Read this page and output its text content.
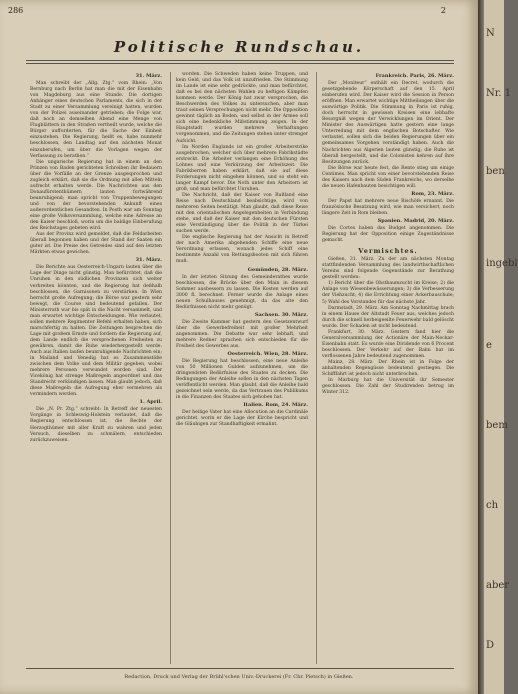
286	2
Politische Rundschau.
31. März.

Man schreibt der „Allg. Ztg.“ vom Rhein: „Von Bernburg nach Berlin hat man die mit der Eisenbahn von Magdeburg aus eine Stunde. Die dortigen Anhänger eines deutschen Parlaments, die sich in der Stadt zu einer Versammlung vereinigt hatten, wurden von der Polizei auseinander getrieben; die Folge war, daß noch an demselben Abend eine Menge von Flugblättern in den Straßen vertheilt wurde, welche die Bürger aufforderten, für die Sache der Einheit einzustehen. Die Regierung, heißt es, habe nunmehr beschlossen, den Landtag auf den nächsten Monat einzuberufen, um über die Vorlagen wegen der Verfassung zu berathen.“

Die ungarische Regierung hat in einem an den Prinzen von Baden gerichteten Schreiben ihr Bedauern über die Vorfälle an der Grenze ausgesprochen und zugleich erklärt, daß sie die Ordnung mit allen Mitteln aufrecht erhalten werde. Die Nachrichten aus den Donaufürstenthümern lauten fortwährend beunruhigend; man spricht von Truppenbewegungen und von der bevorstehenden Ankunft eines außerordentlichen Gesandten. In Pesth war am Sonntag eine große Volksversammlung, welche eine Adresse an den Kaiser beschloß, worin um die baldige Einberufung des Reichstages gebeten wird.

Aus der Provinz wird gemeldet, daß die Feldarbeiten überall begonnen haben und der Stand der Saaten ein guter ist. Die Preise des Getreides sind auf den letzten Märkten etwas gewichen.

31. März.

Die Berichte aus Oesterreich-Ungarn lauten über die Lage der Dinge nicht günstig. Man befürchtet, daß die Unruhen in den südlichen Provinzen sich weiter verbreiten könnten, und die Regierung hat deßhalb beschlossen, die Garnisonen zu verstärken. In Wien herrscht große Aufregung; die Börse war gestern sehr bewegt, die Course sind bedeutend gefallen. Der Ministerrath war bis spät in die Nacht versammelt, und man erwartet wichtige Entscheidungen. Wie verlautet, sollen mehrere Regimenter Befehl erhalten haben, sich marschfertig zu halten. Die Zeitungen besprechen die Lage mit großem Ernste und fordern die Regierung auf, dem Lande endlich die versprochenen Freiheiten zu gewähren, damit die Ruhe wiederhergestellt werde. Auch aus Italien laufen beunruhigende Nachrichten ein; in Mailand und Venedig hat es Zusammenstöße zwischen dem Volke und dem Militär gegeben, wobei mehrere Personen verwundet worden sind. Der Vicekönig hat strenge Maßregeln angeordnet und das Standrecht verkündigen lassen. Man glaubt jedoch, daß diese Maßregeln die Aufregung eher vermehren als vermindern werden.

1. April.

Die „N. Pr. Ztg.“ schreibt: In Betreff der neuesten Vorgänge in Schleswig-Holstein verlautet, daß die Regierung entschlossen ist, die Rechte der Herzogthümer mit aller Kraft zu wahren und jeden Versuch, dieselben zu schmälern, entschieden zurückzuweisen.

worden. Die Schweden haben keine Truppen, und kein Geld, und das Volk ist unzufrieden. Die Stimmung im Lande ist eine sehr gedrückte, und man befürchtet, daß es bei den nächsten Wahlen zu heftigen Kämpfen kommen werde. Der König hat zwar versprochen, die Beschwerden des Volkes zu untersuchen, aber man traut seinen Versprechungen nicht mehr. Die Opposition gewinnt täglich an Boden, und selbst in der Armee soll sich eine bedenkliche Mißstimmung zeigen. In der Hauptstadt wurden mehrere Verhaftungen vorgenommen, und die Zeitungen stehen unter strenger Aufsicht.

Im Norden Englands ist ein großer Arbeiterstrike ausgebrochen, welcher sich über mehrere Fabrikstädte erstreckt. Die Arbeiter verlangen eine Erhöhung des Lohnes und eine Verkürzung der Arbeitszeit. Die Fabrikherren haben erklärt, daß sie auf diese Forderungen nicht eingehen können, und so steht ein langer Kampf bevor. Die Noth unter den Arbeitern ist groß, und man befürchtet Unruhen.

Die Nachricht, daß der Kaiser von Rußland eine Reise nach Deutschland beabsichtige, wird von mehreren Seiten bestätigt. Man glaubt, daß diese Reise mit den orientalischen Angelegenheiten in Verbindung stehe, und daß der Kaiser mit den deutschen Fürsten eine Verständigung über die Politik in der Türkei suchen werde.

Die englische Regierung hat der Ansicht in Betreff der nach Amerika abgehenden Schiffe eine neue Verordnung erlassen, wonach jedes Schiff eine bestimmte Anzahl von Rettungsbooten mit sich führen muß.

Gemünden, 28. März.

In der letzten Sitzung des Gemeinderathes wurde beschlossen, die Brücke über den Main in diesem Sommer ausbessern zu lassen. Die Kosten werden auf 3000 fl. berechnet. Ferner wurde die Anlage eines neuen Schulhauses genehmigt, da das alte den Bedürfnissen nicht mehr genügt.

Sachsen. 30. März.

Die Zweite Kammer hat gestern den Gesetzentwurf über die Gewerbefreiheit mit großer Mehrheit angenommen. Die Debatte war sehr lebhaft, und mehrere Redner sprachen sich entschieden für die Freiheit des Gewerbes aus.

Oesterreich. Wien, 28. März.

Die Regierung hat beschlossen, eine neue Anleihe von 50 Millionen Gulden aufzunehmen, um die dringendsten Bedürfnisse des Staates zu decken. Die Bedingungen der Anleihe sollen in den nächsten Tagen veröffentlicht werden. Man glaubt, daß die Anleihe bald gezeichnet sein werde, da das Vertrauen des Publikums in die Finanzen des Staates sich gehoben hat.

Italien. Rom, 24. März.

Der heilige Vater hat eine Allocution an die Cardinäle gerichtet, worin er die Lage der Kirche bespricht und die Gläubigen zur Standhaftigkeit ermahnt.

Frankreich. Paris, 26. März.

Der „Moniteur“ enthält ein Decret, wodurch die gesetzgebende Körperschaft auf den 15. April einberufen wird. Der Kaiser wird die Session in Person eröffnen. Man erwartet wichtige Mittheilungen über die auswärtige Politik. Die Stimmung in Paris ist ruhig, doch herrscht in gewissen Kreisen eine lebhafte Besorgniß wegen der Verwicklungen im Orient. Der Minister des Auswärtigen hatte gestern eine lange Unterredung mit dem englischen Botschafter. Wie verlautet, sollen sich die beiden Regierungen über ein gemeinsames Vorgehen verständigt haben. Auch die Nachrichten aus Algerien lauten günstig; die Ruhe ist überall hergestellt, und die Colonisten kehren auf ihre Besitzungen zurück.

Die Börse war heute fest, die Rente stieg um einige Centimes. Man spricht von einer bevorstehenden Reise des Kaisers nach dem Süden Frankreichs, wo derselbe die neuen Hafenbauten besichtigen will.

Rom, 23. März.

Der Papst hat mehrere neue Bischöfe ernannt. Die französische Besatzung wird, wie man versichert, noch längere Zeit in Rom bleiben.

Spanien. Madrid, 20. März.

Die Cortes haben das Budget angenommen. Die Regierung hat der Opposition einige Zugeständnisse gemacht.

Vermischtes.

Gießen, 31. März. Zu der am nächsten Montag stattfindenden Versammlung des landwirthschaftlichen Vereins sind folgende Gegenstände zur Berathung gestellt worden:

1) Bericht über die Obstbaumzucht im Kreise; 2) die Anlage von Wiesenbewässerungen; 3) die Verbesserung der Viehzucht; 4) die Errichtung einer Ackerbauschule; 5) Wahl des Vorstandes für das nächste Jahr.

Darmstadt, 29. März. Am Sonntag Nachmittag brach in einem Hause der Altstadt Feuer aus, welches jedoch durch die schnell herbeigeeilte Feuerwehr bald gelöscht wurde. Der Schaden ist nicht bedeutend.

Frankfurt, 30. März. Gestern fand hier die Generalversammlung der Actionäre der Main-Neckar-Eisenbahn statt. Es wurde eine Dividende von 6 Procent beschlossen. Der Verkehr auf der Bahn hat im verflossenen Jahre bedeutend zugenommen.

Mainz, 28. März. Der Rhein ist in Folge der anhaltenden Regengüsse bedeutend gestiegen. Die Schifffahrt ist jedoch nicht unterbrochen.

In Marburg hat die Universität ihr Semester geschlossen. Die Zahl der Studirenden betrug im Winter 312.

Redaction, Druck und Verlag der Brühl'schen Univ.-Druckerei (Fr. Chr. Pietsch) in Gießen.
N
Nr. 1
ben
ingebi
e
bem
ch
aber
D
